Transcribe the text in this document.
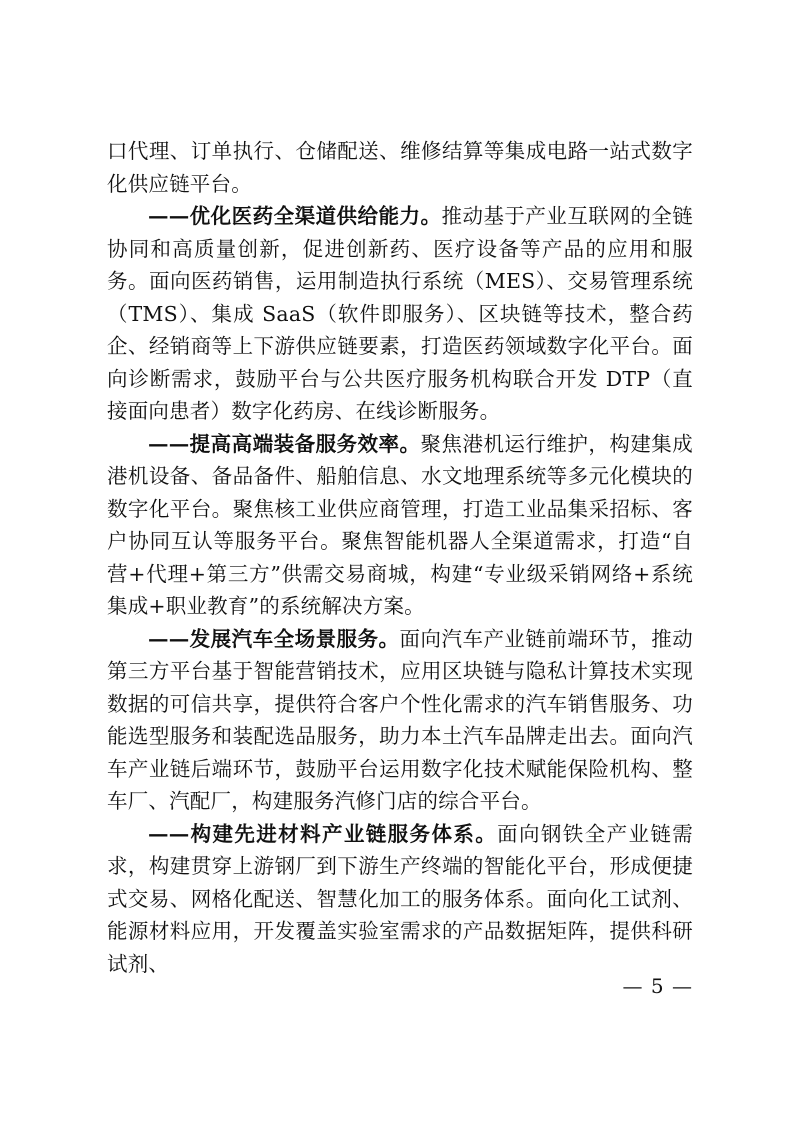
口代理、订单执行、仓储配送、维修结算等集成电路一站式数字化供应链平台。

——优化医药全渠道供给能力。推动基于产业互联网的全链协同和高质量创新，促进创新药、医疗设备等产品的应用和服务。面向医药销售，运用制造执行系统（MES）、交易管理系统（TMS）、集成 SaaS（软件即服务）、区块链等技术，整合药企、经销商等上下游供应链要素，打造医药领域数字化平台。面向诊断需求，鼓励平台与公共医疗服务机构联合开发 DTP（直接面向患者）数字化药房、在线诊断服务。

——提高高端装备服务效率。聚焦港机运行维护，构建集成港机设备、备品备件、船舶信息、水文地理系统等多元化模块的数字化平台。聚焦核工业供应商管理，打造工业品集采招标、客户协同互认等服务平台。聚焦智能机器人全渠道需求，打造“自营+代理+第三方”供需交易商城，构建“专业级采销网络+系统集成+职业教育”的系统解决方案。

——发展汽车全场景服务。面向汽车产业链前端环节，推动第三方平台基于智能营销技术，应用区块链与隐私计算技术实现数据的可信共享，提供符合客户个性化需求的汽车销售服务、功能选型服务和装配选品服务，助力本土汽车品牌走出去。面向汽车产业链后端环节，鼓励平台运用数字化技术赋能保险机构、整车厂、汽配厂，构建服务汽修门店的综合平台。

——构建先进材料产业链服务体系。面向钢铁全产业链需求，构建贯穿上游钢厂到下游生产终端的智能化平台，形成便捷式交易、网格化配送、智慧化加工的服务体系。面向化工试剂、能源材料应用，开发覆盖实验室需求的产品数据矩阵，提供科研试剂、

— 5 —
